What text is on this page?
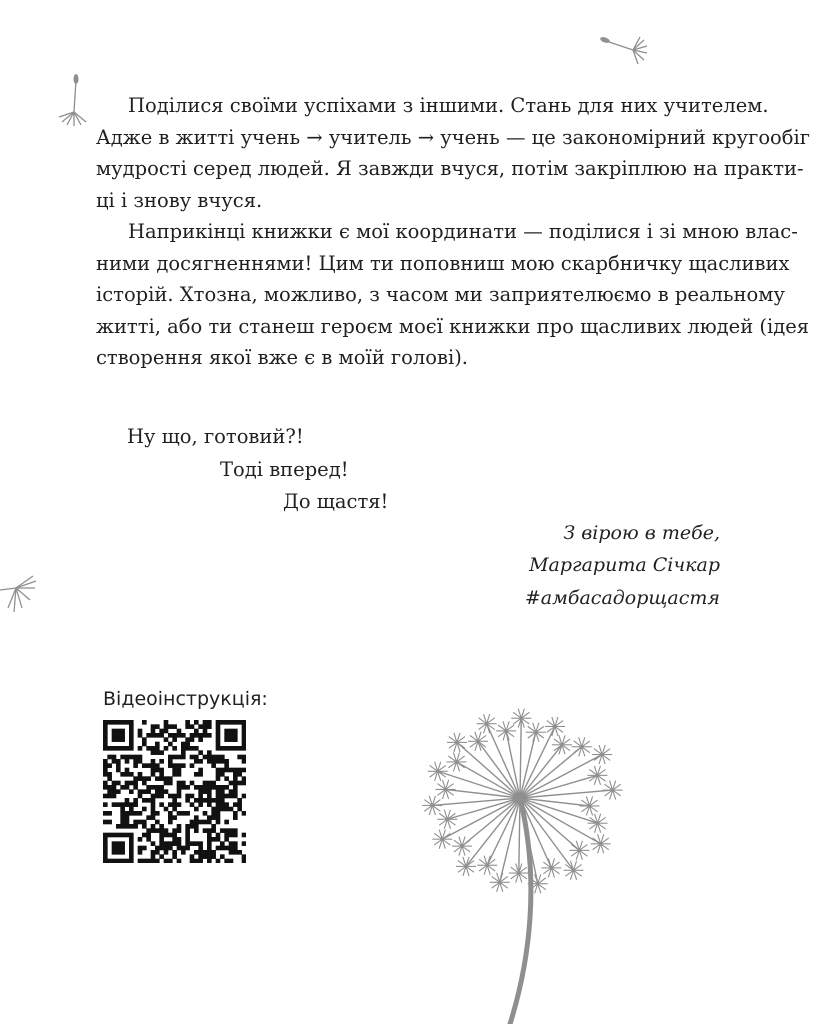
Поділися своїми успіхами з іншими. Стань для них учителем.
Адже в житті учень → учитель → учень — це закономірний кругообіг
мудрості серед людей. Я завжди вчуся, потім закріплюю на практи-

ці і знову вчуся.

Наприкінці книжки є мої координати — поділися і зі мною влас-
ними досягненнями! Цим ти поповниш мою скарбничку щасливих
історій. Хтозна, можливо, з часом ми заприятелюємо в реальному
житті, або ти станеш героєм моєї книжки про щасливих людей (ідея

створення якої вже є в моїй голові).

Ну що, готовий?!
Тоді вперед!
До щастя!
З вірою в тебе,
Маргарита Січкар
#амбасадорщастя
Відеоінструкція:
